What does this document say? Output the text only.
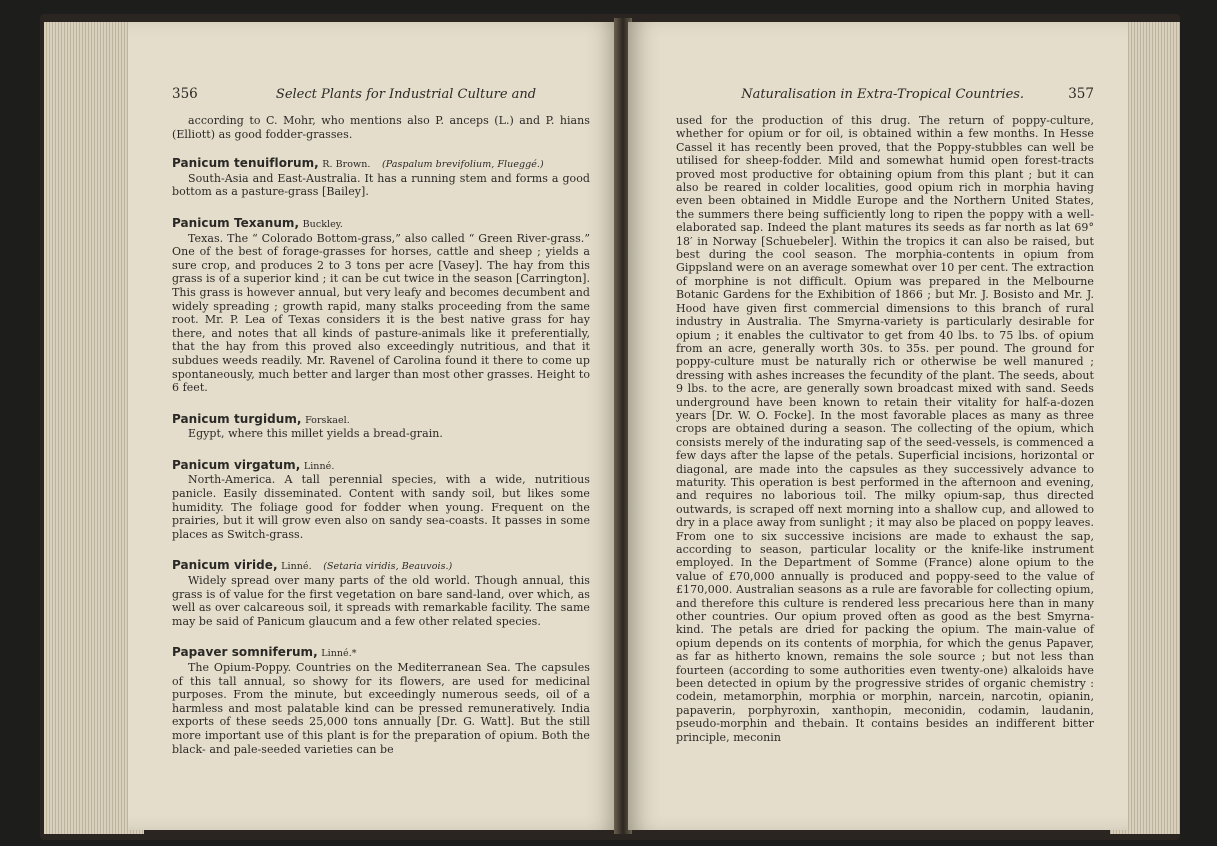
356	Select Plants for Industrial Culture and

according to C. Mohr, who mentions also P. anceps (L.) and P. hians (Elliott) as good fodder-grasses.

Panicum tenuiflorum, R. Brown. (Paspalum brevifolium, Flueggé.)

South-Asia and East-Australia. It has a running stem and forms a good bottom as a pasture-grass [Bailey].

Panicum Texanum, Buckley.

Texas. The “ Colorado Bottom-grass,” also called “ Green River-grass.” One of the best of forage-grasses for horses, cattle and sheep ; yields a sure crop, and produces 2 to 3 tons per acre [Vasey]. The hay from this grass is of a superior kind ; it can be cut twice in the season [Carrington]. This grass is however annual, but very leafy and becomes decumbent and widely spreading ; growth rapid, many stalks proceeding from the same root. Mr. P. Lea of Texas considers it is the best native grass for hay there, and notes that all kinds of pasture-animals like it preferentially, that the hay from this proved also exceedingly nutritious, and that it subdues weeds readily. Mr. Ravenel of Carolina found it there to come up spontaneously, much better and larger than most other grasses. Height to 6 feet.

Panicum turgidum, Forskael.

Egypt, where this millet yields a bread-grain.

Panicum virgatum, Linné.

North-America. A tall perennial species, with a wide, nutritious panicle. Easily disseminated. Content with sandy soil, but likes some humidity. The foliage good for fodder when young. Frequent on the prairies, but it will grow even also on sandy sea-coasts. It passes in some places as Switch-grass.

Panicum viride, Linné. (Setaria viridis, Beauvois.)

Widely spread over many parts of the old world. Though annual, this grass is of value for the first vegetation on bare sand-land, over which, as well as over calcareous soil, it spreads with remarkable facility. The same may be said of Panicum glaucum and a few other related species.

Papaver somniferum, Linné.*

The Opium-Poppy. Countries on the Mediterranean Sea. The capsules of this tall annual, so showy for its flowers, are used for medicinal purposes. From the minute, but exceedingly numerous seeds, oil of a harmless and most palatable kind can be pressed remuneratively. India exports of these seeds 25,000 tons annually [Dr. G. Watt]. But the still more important use of this plant is for the preparation of opium. Both the black- and pale-seeded varieties can be

Naturalisation in Extra-Tropical Countries.	357

used for the production of this drug. The return of poppy-culture, whether for opium or for oil, is obtained within a few months. In Hesse Cassel it has recently been proved, that the Poppy-stubbles can well be utilised for sheep-fodder. Mild and somewhat humid open forest-tracts proved most productive for obtaining opium from this plant ; but it can also be reared in colder localities, good opium rich in morphia having even been obtained in Middle Europe and the Northern United States, the summers there being sufficiently long to ripen the poppy with a well-elaborated sap. Indeed the plant matures its seeds as far north as lat 69° 18′ in Norway [Schuebeler]. Within the tropics it can also be raised, but best during the cool season. The morphia-contents in opium from Gippsland were on an average somewhat over 10 per cent. The extraction of morphine is not difficult. Opium was prepared in the Melbourne Botanic Gardens for the Exhibition of 1866 ; but Mr. J. Bosisto and Mr. J. Hood have given first commercial dimensions to this branch of rural industry in Australia. The Smyrna-variety is particularly desirable for opium ; it enables the cultivator to get from 40 lbs. to 75 lbs. of opium from an acre, generally worth 30s. to 35s. per pound. The ground for poppy-culture must be naturally rich or otherwise be well manured ; dressing with ashes increases the fecundity of the plant. The seeds, about 9 lbs. to the acre, are generally sown broadcast mixed with sand. Seeds underground have been known to retain their vitality for half-a-dozen years [Dr. W. O. Focke]. In the most favorable places as many as three crops are obtained during a season. The collecting of the opium, which consists merely of the indurating sap of the seed-vessels, is commenced a few days after the lapse of the petals. Superficial incisions, horizontal or diagonal, are made into the capsules as they successively advance to maturity. This operation is best performed in the afternoon and evening, and requires no laborious toil. The milky opium-sap, thus directed outwards, is scraped off next morning into a shallow cup, and allowed to dry in a place away from sunlight ; it may also be placed on poppy leaves. From one to six successive incisions are made to exhaust the sap, according to season, particular locality or the knife-like instrument employed. In the Department of Somme (France) alone opium to the value of £70,000 annually is produced and poppy-seed to the value of £170,000. Australian seasons as a rule are favorable for collecting opium, and therefore this culture is rendered less precarious here than in many other countries. Our opium proved often as good as the best Smyrna-kind. The petals are dried for packing the opium. The main-value of opium depends on its contents of morphia, for which the genus Papaver, as far as hitherto known, remains the sole source ; but not less than fourteen (according to some authorities even twenty-one) alkaloids have been detected in opium by the progressive strides of organic chemistry : codein, metamorphin, morphia or morphin, narcein, narcotin, opianin, papaverin, porphyroxin, xanthopin, meconidin, codamin, laudanin, pseudo-morphin and thebain. It contains besides an indifferent bitter principle, meconin
